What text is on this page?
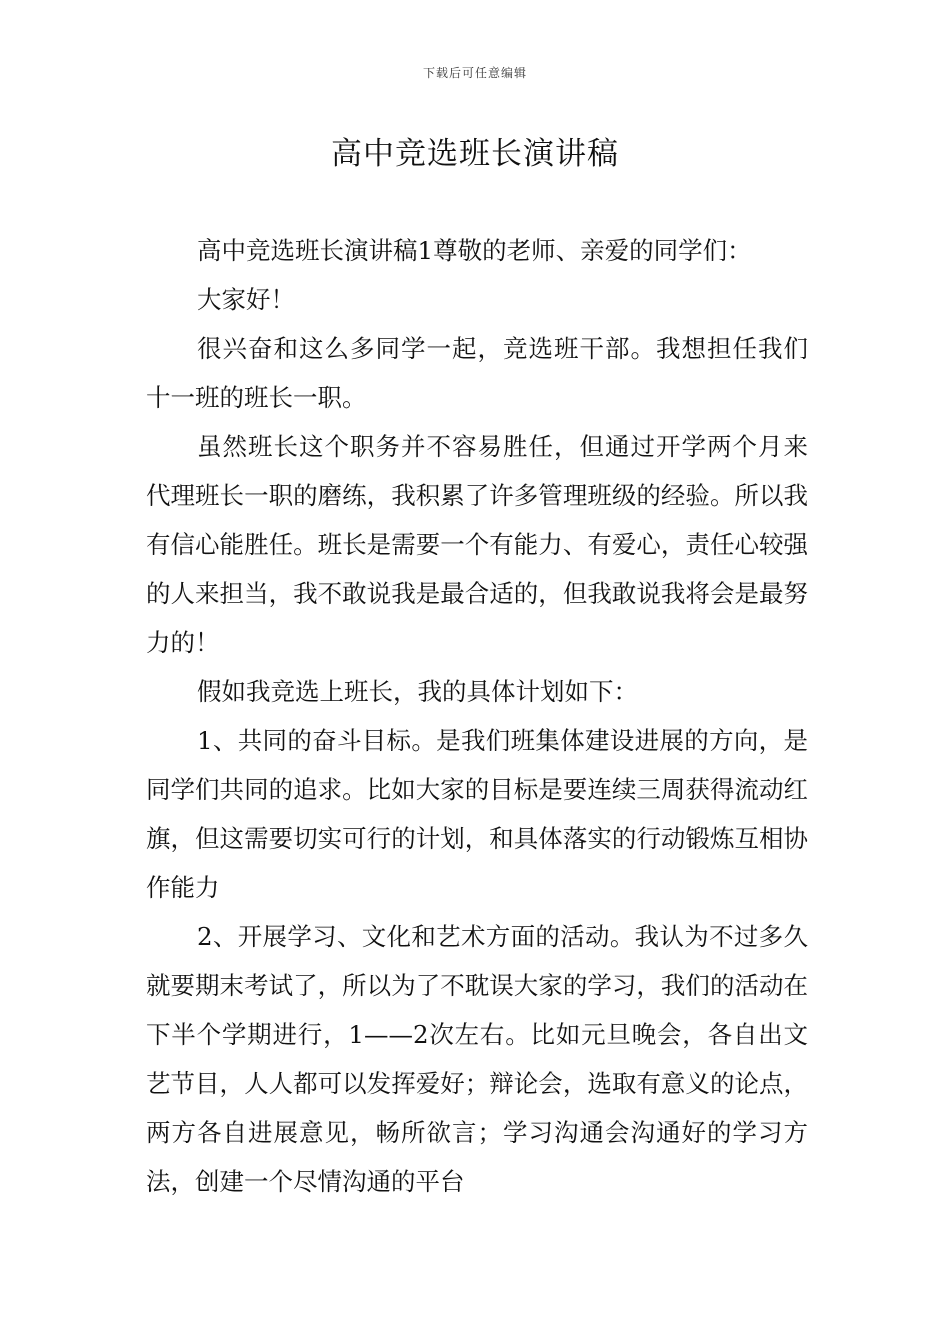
下载后可任意编辑
高中竞选班长演讲稿

高中竞选班长演讲稿1尊敬的老师、亲爱的同学们：

大家好！

很兴奋和这么多同学一起，竞选班干部。我想担任我们十一班的班长一职。

虽然班长这个职务并不容易胜任，但通过开学两个月来代理班长一职的磨练，我积累了许多管理班级的经验。所以我有信心能胜任。班长是需要一个有能力、有爱心，责任心较强的人来担当，我不敢说我是最合适的，但我敢说我将会是最努力的！

假如我竞选上班长，我的具体计划如下：

1、共同的奋斗目标。是我们班集体建设进展的方向，是同学们共同的追求。比如大家的目标是要连续三周获得流动红旗，但这需要切实可行的计划，和具体落实的行动锻炼互相协作能力

2、开展学习、文化和艺术方面的活动。我认为不过多久就要期末考试了，所以为了不耽误大家的学习，我们的活动在下半个学期进行，1——2次左右。比如元旦晚会，各自出文艺节目，人人都可以发挥爱好；辩论会，选取有意义的论点，两方各自进展意见，畅所欲言；学习沟通会沟通好的学习方法，创建一个尽情沟通的平台
